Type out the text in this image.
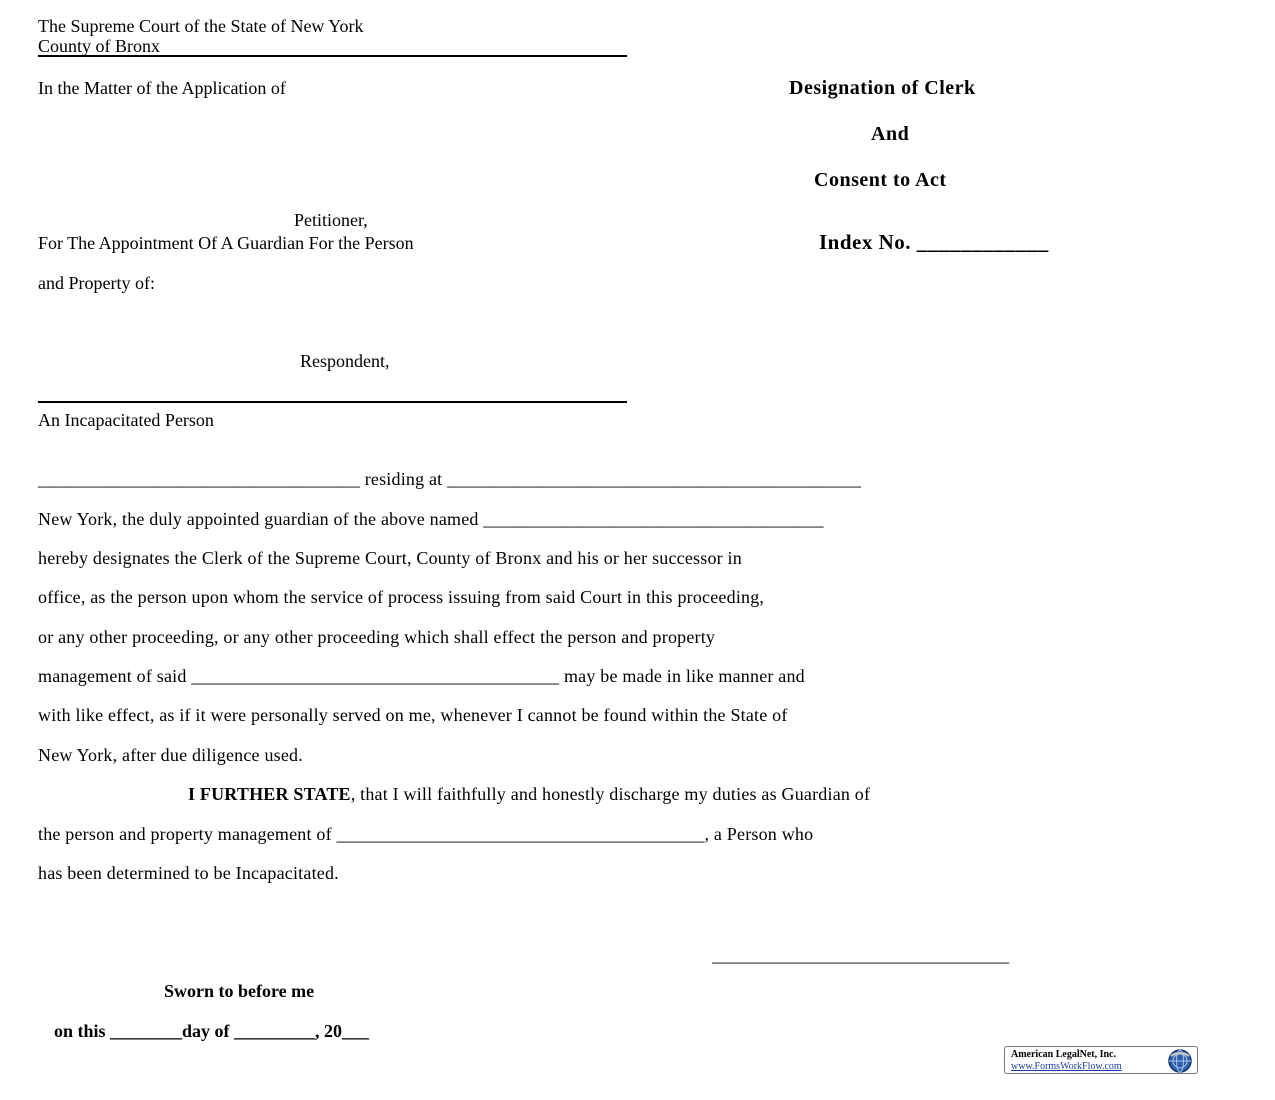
The Supreme Court of the State of New York
County of Bronx
In the Matter of the Application of
Petitioner,
For The Appointment Of A Guardian For the Person
and Property of:
Respondent,
An Incapacitated Person
Designation of Clerk
And
Consent to Act
Index No. ____________
___________________________________ residing at _____________________________________________
New York, the duly appointed guardian of the above named _____________________________________
hereby designates the Clerk of the Supreme Court, County of Bronx and his or her successor in
office, as the person upon whom the service of process issuing from said Court in this proceeding,
or any other proceeding, or any other proceeding which shall effect the person and property
management of said ________________________________________ may be made in like manner and
with like effect, as if it were personally served on me, whenever I cannot be found within the State of
New York, after due diligence used.
I FURTHER STATE, that I will faithfully and honestly discharge my duties as Guardian of
the person and property management of ________________________________________, a Person who
has been determined to be Incapacitated.
_________________________________
Sworn to before me
on this ________day of _________, 20___
American LegalNet, Inc.
www.FormsWorkFlow.com
